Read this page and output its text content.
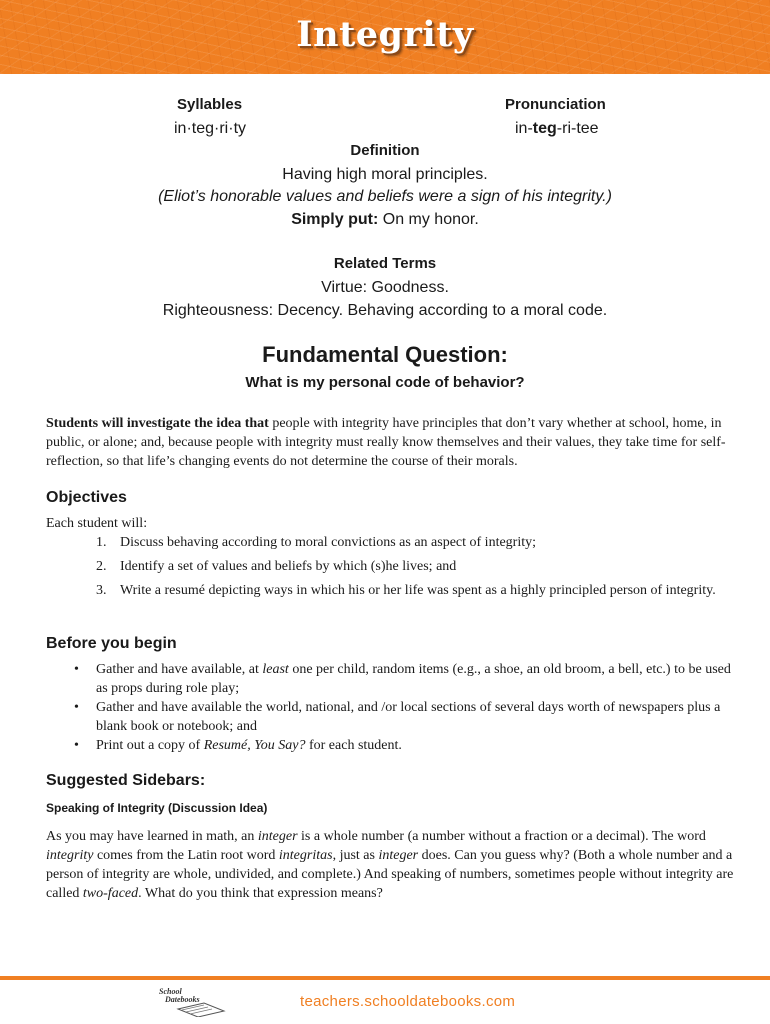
Integrity
Syllables
in·teg·ri·ty
Pronunciation
in-teg-ri-tee
Definition
Having high moral principles.
(Eliot’s honorable values and beliefs were a sign of his integrity.)
Simply put: On my honor.
Related Terms
Virtue: Goodness.
Righteousness: Decency. Behaving according to a moral code.
Fundamental Question:
What is my personal code of behavior?
Students will investigate the idea that people with integrity have principles that don’t vary whether at school, home, in public, or alone; and, because people with integrity must really know themselves and their values, they take time for self-reflection, so that life’s changing events do not determine the course of their morals.
Objectives
Each student will:
1. Discuss behaving according to moral convictions as an aspect of integrity;
2. Identify a set of values and beliefs by which (s)he lives; and
3. Write a resumé depicting ways in which his or her life was spent as a highly principled person of integrity.
Before you begin
• Gather and have available, at least one per child, random items (e.g., a shoe, an old broom, a bell, etc.) to be used as props during role play;
• Gather and have available the world, national, and /or local sections of several days worth of newspapers plus a blank book or notebook; and
• Print out a copy of Resumé, You Say? for each student.
Suggested Sidebars:
Speaking of Integrity (Discussion Idea)
As you may have learned in math, an integer is a whole number (a number without a fraction or a decimal). The word integrity comes from the Latin root word integritas, just as integer does. Can you guess why? (Both a whole number and a person of integrity are whole, undivided, and complete.) And speaking of numbers, sometimes people without integrity are called two-faced. What do you think that expression means?
School
Datebooks	teachers.schooldatebooks.com
